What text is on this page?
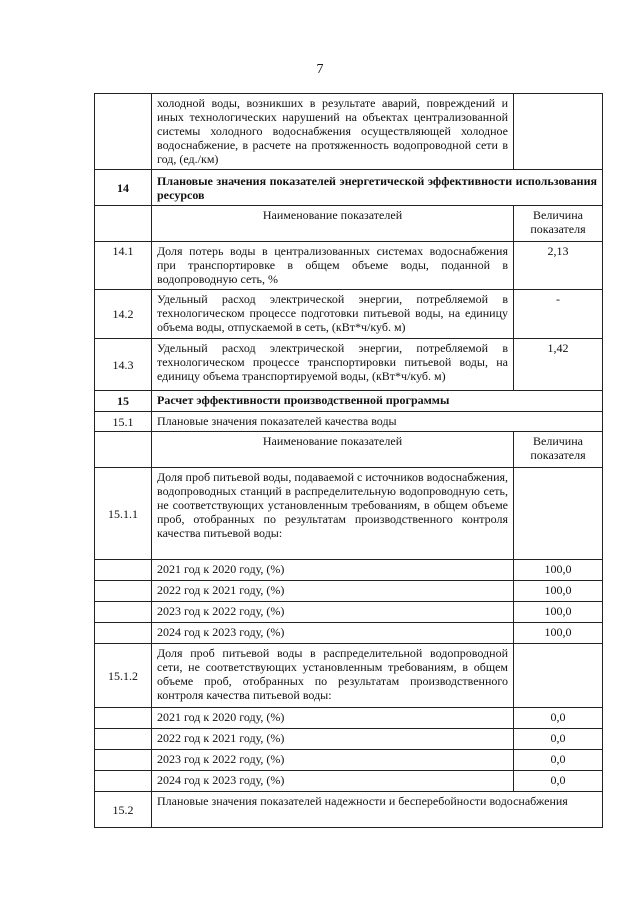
7
	холодной воды, возникших в результате аварий, повреждений и иных технологических нарушений на объектах централизованной системы холодного водоснабжения осуществляющей холодное водоснабжение, в расчете на протяженность водопроводной сети в год, (ед./км)	
14	Плановые значения показателей энергетической эффективности использования ресурсов	
	Наименование показателей	Величина показателя
14.1	Доля потерь воды в централизованных системах водоснабжения при транспортировке в общем объеме воды, поданной в водопроводную сеть, %	2,13
14.2	Удельный расход электрической энергии, потребляемой в технологическом процессе подготовки питьевой воды, на единицу объема воды, отпускаемой в сеть, (кВт*ч/куб. м)	-
14.3	Удельный расход электрической энергии, потребляемой в технологическом процессе транспортировки питьевой воды, на единицу объема транспортируемой воды, (кВт*ч/куб. м)	1,42
15	Расчет эффективности производственной программы	
15.1	Плановые значения показателей качества воды	
	Наименование показателей	Величина показателя
15.1.1	Доля проб питьевой воды, подаваемой с источников водоснабжения, водопроводных станций в распределительную водопроводную сеть, не соответствующих установленным требованиям, в общем объеме проб, отобранных по результатам производственного контроля качества питьевой воды:	
	2021 год к 2020 году, (%)	100,0
	2022 год к 2021 году, (%)	100,0
	2023 год к 2022 году, (%)	100,0
	2024 год к 2023 году, (%)	100,0
15.1.2	Доля проб питьевой воды в распределительной водопроводной сети, не соответствующих установленным требованиям, в общем объеме проб, отобранных по результатам производственного контроля качества питьевой воды:	
	2021 год к 2020 году, (%)	0,0
	2022 год к 2021 году, (%)	0,0
	2023 год к 2022 году, (%)	0,0
	2024 год к 2023 году, (%)	0,0
15.2	Плановые значения показателей надежности и бесперебойности водоснабжения	
